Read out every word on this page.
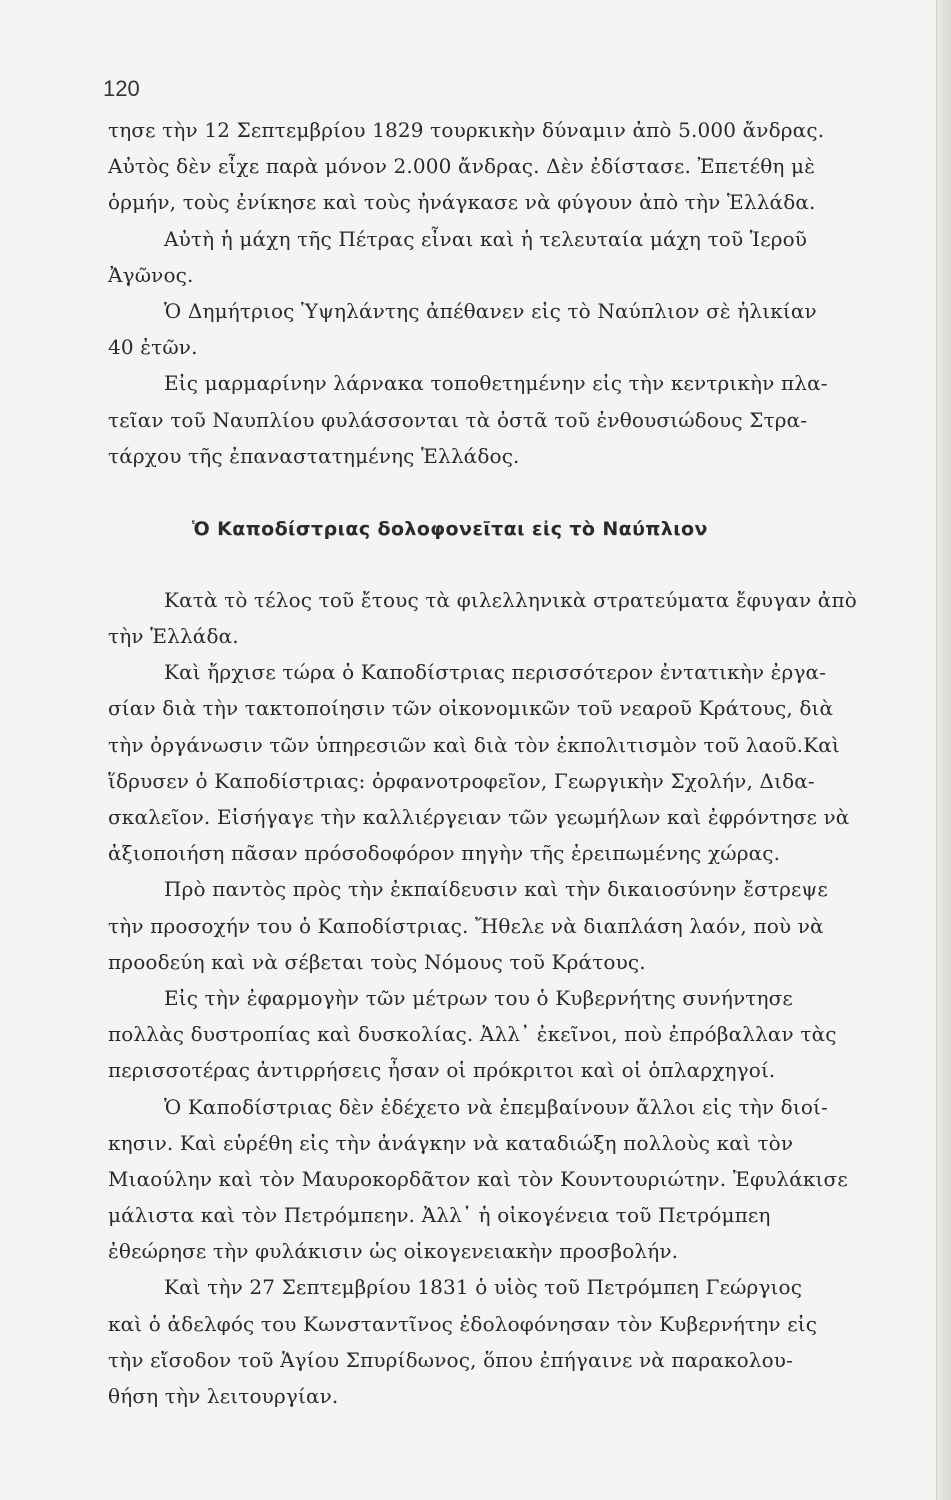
120
τησε τὴν 12 Σεπτεμβρίου 1829 τουρκικὴν δύναμιν ἀπὸ 5.000 ἄνδρας.
Αὐτὸς δὲν εἶχε παρὰ μόνον 2.000 ἄνδρας. Δὲν ἐδίστασε. Ἐπετέθη μὲ
ὁρμήν, τοὺς ἐνίκησε καὶ τοὺς ἠνάγκασε νὰ φύγουν ἀπὸ τὴν Ἑλλάδα.
Αὐτὴ ἡ μάχη τῆς Πέτρας εἶναι καὶ ἡ τελευταία μάχη τοῦ Ἱεροῦ
Ἀγῶνος.
Ὁ Δημήτριος Ὑψηλάντης ἀπέθανεν εἰς τὸ Ναύπλιον σὲ ἡλικίαν
40 ἐτῶν.
Εἰς μαρμαρίνην λάρνακα τοποθετημένην εἰς τὴν κεντρικὴν πλα-
τεῖαν τοῦ Ναυπλίου φυλάσσονται τὰ ὀστᾶ τοῦ ἐνθουσιώδους Στρα-
τάρχου τῆς ἐπαναστατημένης Ἑλλάδος.
Ὁ Καποδίστριας δολοφονεῖται εἰς τὸ Ναύπλιον
Κατὰ τὸ τέλος τοῦ ἔτους τὰ φιλελληνικὰ στρατεύματα ἔφυγαν ἀπὸ
τὴν Ἑλλάδα.
Καὶ ἤρχισε τώρα ὁ Καποδίστριας περισσότερον ἐντατικὴν ἐργα-
σίαν διὰ τὴν τακτοποίησιν τῶν οἰκονομικῶν τοῦ νεαροῦ Κράτους, διὰ
τὴν ὀργάνωσιν τῶν ὑπηρεσιῶν καὶ διὰ τὸν ἐκπολιτισμὸν τοῦ λαοῦ.Καὶ
ἵδρυσεν ὁ Καποδίστριας: ὀρφανοτροφεῖον, Γεωργικὴν Σχολήν, Διδα-
σκαλεῖον. Εἰσήγαγε τὴν καλλιέργειαν τῶν γεωμήλων καὶ ἐφρόντησε νὰ
ἀξιοποιήση πᾶσαν πρόσοδοφόρον πηγὴν τῆς ἐρειπωμένης χώρας.
Πρὸ παντὸς πρὸς τὴν ἐκπαίδευσιν καὶ τὴν δικαιοσύνην ἔστρεψε
τὴν προσοχήν του ὁ Καποδίστριας. Ἤθελε νὰ διαπλάση λαόν, ποὺ νὰ
προοδεύη καὶ νὰ σέβεται τοὺς Νόμους τοῦ Κράτους.
Εἰς τὴν ἐφαρμογὴν τῶν μέτρων του ὁ Κυβερνήτης συνήντησε
πολλὰς δυστροπίας καὶ δυσκολίας. Ἀλλ᾽ ἐκεῖνοι, ποὺ ἐπρόβαλλαν τὰς
περισσοτέρας ἀντιρρήσεις ἦσαν οἱ πρόκριτοι καὶ οἱ ὁπλαρχηγοί.
Ὁ Καποδίστριας δὲν ἐδέχετο νὰ ἐπεμβαίνουν ἄλλοι εἰς τὴν διοί-
κησιν. Καὶ εὑρέθη εἰς τὴν ἀνάγκην νὰ καταδιώξη πολλοὺς καὶ τὸν
Μιαούλην καὶ τὸν Μαυροκορδᾶτον καὶ τὸν Κουντουριώτην. Ἐφυλάκισε
μάλιστα καὶ τὸν Πετρόμπεην. Ἀλλ᾽ ἡ οἰκογένεια τοῦ Πετρόμπεη
ἐθεώρησε τὴν φυλάκισιν ὡς οἰκογενειακὴν προσβολήν.
Καὶ τὴν 27 Σεπτεμβρίου 1831 ὁ υἱὸς τοῦ Πετρόμπεη Γεώργιος
καὶ ὁ ἀδελφός του Κωνσταντῖνος ἐδολοφόνησαν τὸν Κυβερνήτην εἰς
τὴν εἴσοδον τοῦ Ἁγίου Σπυρίδωνος, ὅπου ἐπήγαινε νὰ παρακολου-
θήση τὴν λειτουργίαν.
